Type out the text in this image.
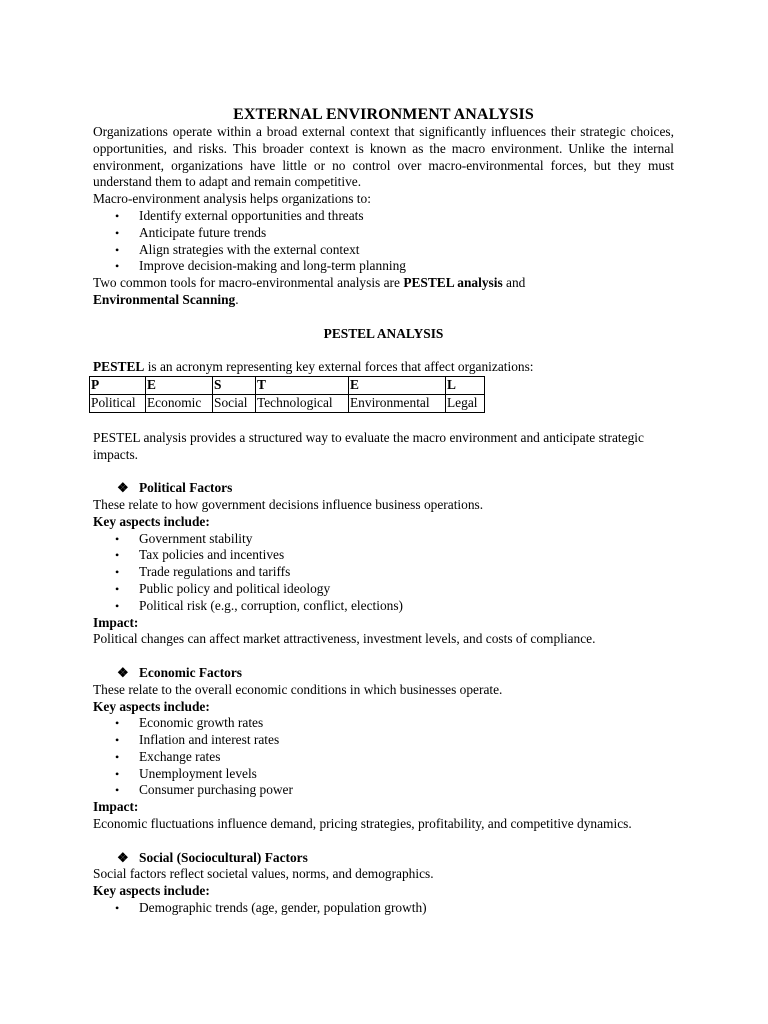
EXTERNAL ENVIRONMENT ANALYSIS

Organizations operate within a broad external context that significantly influences their strategic choices, opportunities, and risks. This broader context is known as the macro environment. Unlike the internal environment, organizations have little or no control over macro-environmental forces, but they must understand them to adapt and remain competitive.

Macro-environment analysis helps organizations to:

• Identify external opportunities and threats
• Anticipate future trends
• Align strategies with the external context
• Improve decision-making and long-term planning

Two common tools for macro-environmental analysis are PESTEL analysis and
Environmental Scanning.

PESTEL ANALYSIS

PESTEL is an acronym representing key external forces that affect organizations:

P	E	S	T	E	L
Political	Economic	Social	Technological	Environmental	Legal

PESTEL analysis provides a structured way to evaluate the macro environment and anticipate strategic impacts.

❖ Political Factors

These relate to how government decisions influence business operations.

Key aspects include:

• Government stability
• Tax policies and incentives
• Trade regulations and tariffs
• Public policy and political ideology
• Political risk (e.g., corruption, conflict, elections)

Impact:

Political changes can affect market attractiveness, investment levels, and costs of compliance.

❖ Economic Factors

These relate to the overall economic conditions in which businesses operate.

Key aspects include:

• Economic growth rates
• Inflation and interest rates
• Exchange rates
• Unemployment levels
• Consumer purchasing power

Impact:

Economic fluctuations influence demand, pricing strategies, profitability, and competitive dynamics.

❖ Social (Sociocultural) Factors

Social factors reflect societal values, norms, and demographics.

Key aspects include:

• Demographic trends (age, gender, population growth)
